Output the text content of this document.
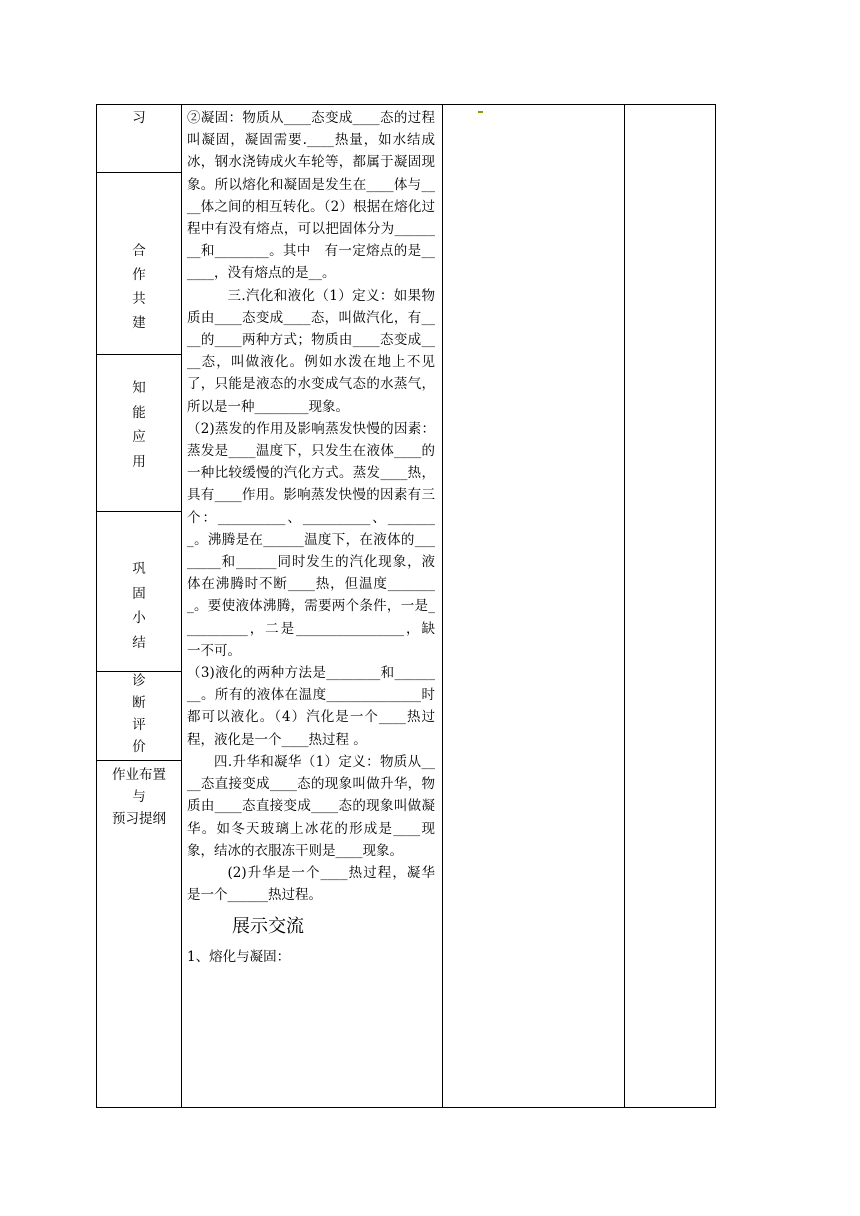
习
合
作
共
建
知
能
应
用
巩
固
小
结
诊
断
评
价
作业布置
与
预习提纲

②凝固：物质从____态变成____态的过程叫凝固，凝固需要.____热量，如水结成冰，钢水浇铸成火车轮等，都属于凝固现象。所以熔化和凝固是发生在____体与____体之间的相互转化。（2）根据在熔化过程中有没有熔点，可以把固体分为________和________。其中　有一定熔点的是______，没有熔点的是__。

三.汽化和液化（1）定义：如果物质由____态变成____态，叫做汽化，有____的____两种方式；物质由____态变成____态，叫做液化。例如水泼在地上不见了，只能是液态的水变成气态的水蒸气，所以是一种________现象。

（2)蒸发的作用及影响蒸发快慢的因素：蒸发是____温度下，只发生在液体____的一种比较缓慢的汽化方式。蒸发____热，具有____作用。影响蒸发快慢的因素有三个：__________、__________、________。沸腾是在______温度下，在液体的________和______同时发生的汽化现象，液体在沸腾时不断____热，但温度________。要使液体沸腾，需要两个条件，一是__________，二是________________，缺一不可。

（3)液化的两种方法是________和________。所有的液体在温度______________时都可以液化。（4）汽化是一个____热过程，液化是一个____热过程 。

四.升华和凝华（1）定义：物质从____态直接变成____态的现象叫做升华，物质由____态直接变成____态的现象叫做凝华。如冬天玻璃上冰花的形成是____现象，结冰的衣服冻干则是____现象。

(2)升华是一个____热过程，凝华是一个______热过程。

展示交流

1、熔化与凝固：
